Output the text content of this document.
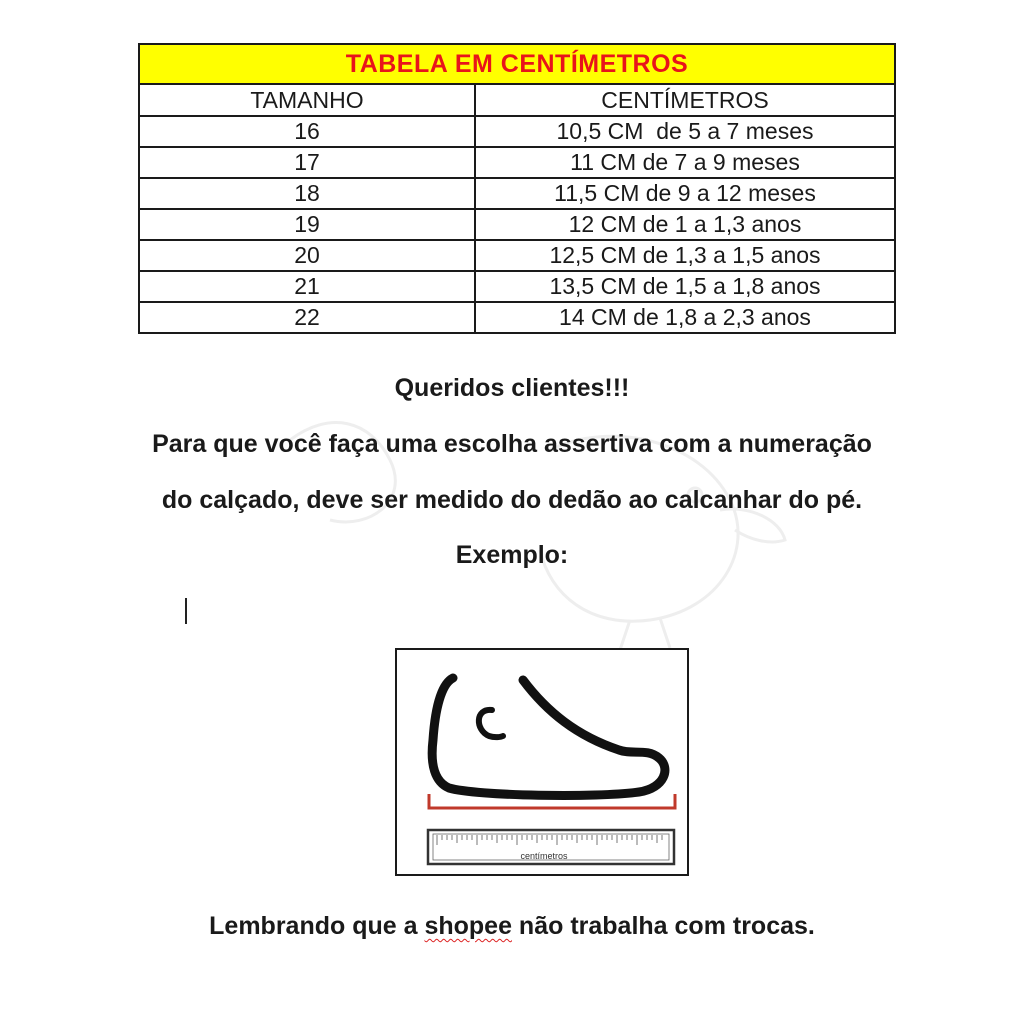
TABELA EM CENTÍMETROS	
TAMANHO	CENTÍMETROS
16	10,5 CM  de 5 a 7 meses
17	11 CM de 7 a 9 meses
18	11,5 CM de 9 a 12 meses
19	12 CM de 1 a 1,3 anos
20	12,5 CM de 1,3 a 1,5 anos
21	13,5 CM de 1,5 a 1,8 anos
22	14 CM de 1,8 a 2,3 anos
Queridos clientes!!!
Para que você faça uma escolha assertiva com a numeração
do calçado, deve ser medido do dedão ao calcanhar do pé.
Exemplo:
centímetros
Lembrando que a shopee não trabalha com trocas.
